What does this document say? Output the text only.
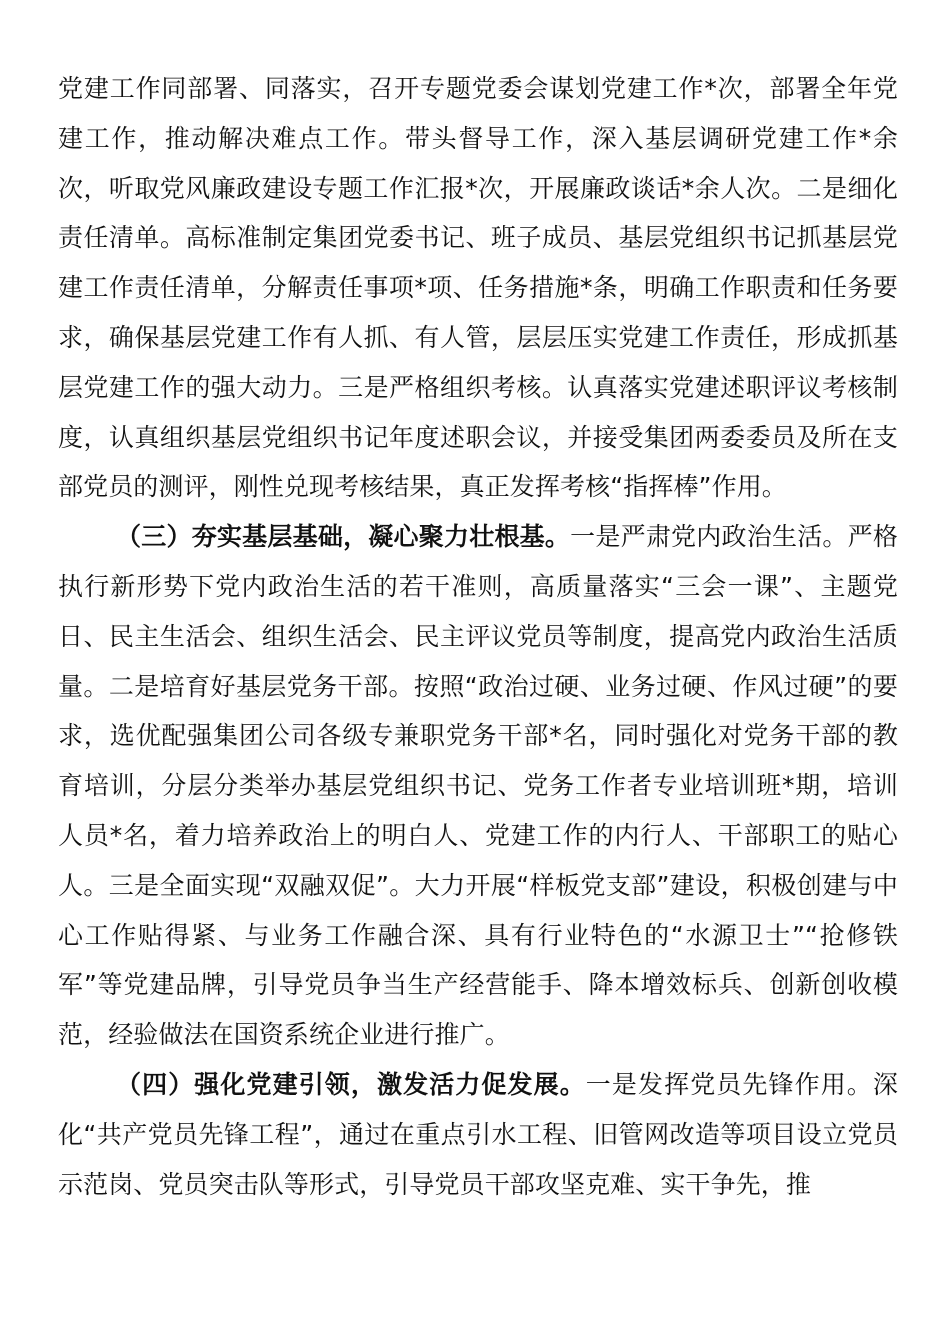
党建工作同部署、同落实，召开专题党委会谋划党建工作*次，部署全年党建工作，推动解决难点工作。带头督导工作，深入基层调研党建工作*余次，听取党风廉政建设专题工作汇报*次，开展廉政谈话*余人次。二是细化责任清单。高标准制定集团党委书记、班子成员、基层党组织书记抓基层党建工作责任清单，分解责任事项*项、任务措施*条，明确工作职责和任务要求，确保基层党建工作有人抓、有人管，层层压实党建工作责任，形成抓基层党建工作的强大动力。三是严格组织考核。认真落实党建述职评议考核制度，认真组织基层党组织书记年度述职会议，并接受集团两委委员及所在支部党员的测评，刚性兑现考核结果，真正发挥考核“指挥棒”作用。

（三）夯实基层基础，凝心聚力壮根基。一是严肃党内政治生活。严格执行新形势下党内政治生活的若干准则，高质量落实“三会一课”、主题党日、民主生活会、组织生活会、民主评议党员等制度，提高党内政治生活质量。二是培育好基层党务干部。按照“政治过硬、业务过硬、作风过硬”的要求，选优配强集团公司各级专兼职党务干部*名，同时强化对党务干部的教育培训，分层分类举办基层党组织书记、党务工作者专业培训班*期，培训人员*名，着力培养政治上的明白人、党建工作的内行人、干部职工的贴心人。三是全面实现“双融双促”。大力开展“样板党支部”建设，积极创建与中心工作贴得紧、与业务工作融合深、具有行业特色的“水源卫士”“抢修铁军”等党建品牌，引导党员争当生产经营能手、降本增效标兵、创新创收模范，经验做法在国资系统企业进行推广。

（四）强化党建引领，激发活力促发展。一是发挥党员先锋作用。深化“共产党员先锋工程”，通过在重点引水工程、旧管网改造等项目设立党员示范岗、党员突击队等形式，引导党员干部攻坚克难、实干争先，推
